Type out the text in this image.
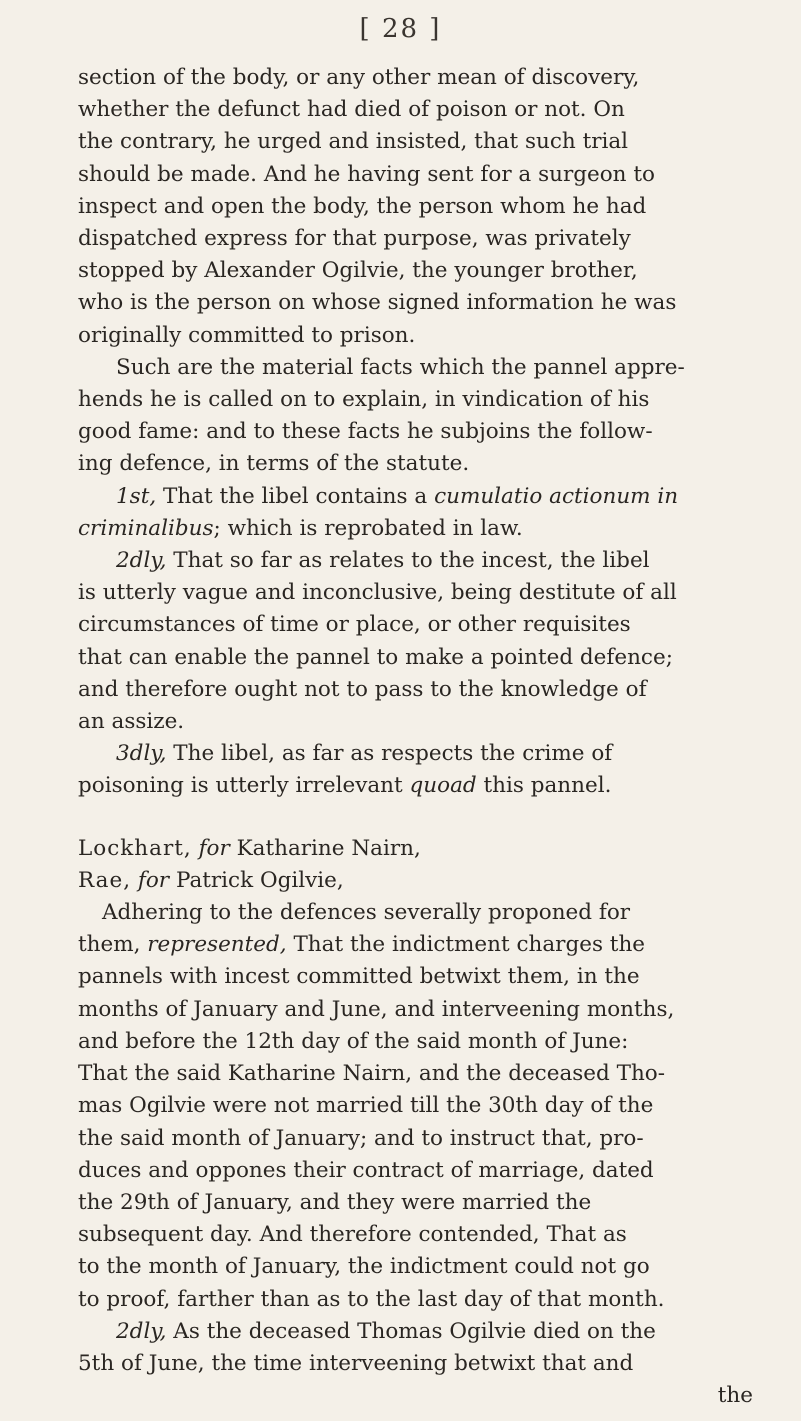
[ 28 ]
section of the body, or any other mean of discovery,
whether the defunct had died of poison or not. On
the contrary, he urged and insisted, that such trial
should be made. And he having sent for a surgeon to
inspect and open the body, the person whom he had
dispatched express for that purpose, was privately
stopped by Alexander Ogilvie, the younger brother,
who is the person on whose signed information he was
originally committed to prison.
Such are the material facts which the pannel appre-
hends he is called on to explain, in vindication of his
good fame: and to these facts he subjoins the follow-
ing defence, in terms of the statute.
1st, That the libel contains a cumulatio actionum in
criminalibus; which is reprobated in law.
2dly, That so far as relates to the incest, the libel
is utterly vague and inconclusive, being destitute of all
circumstances of time or place, or other requisites
that can enable the pannel to make a pointed defence;
and therefore ought not to pass to the knowledge of
an assize.
3dly, The libel, as far as respects the crime of
poisoning is utterly irrelevant quoad this pannel.
Lockhart, for Katharine Nairn,
Rae, for Patrick Ogilvie,
Adhering to the defences severally proponed for
them, represented, That the indictment charges the
pannels with incest committed betwixt them, in the
months of January and June, and interveening months,
and before the 12th day of the said month of June:
That the said Katharine Nairn, and the deceased Tho-
mas Ogilvie were not married till the 30th day of the
the said month of January; and to instruct that, pro-
duces and oppones their contract of marriage, dated
the 29th of January, and they were married the
subsequent day. And therefore contended, That as
to the month of January, the indictment could not go
to proof, farther than as to the last day of that month.
2dly, As the deceased Thomas Ogilvie died on the
5th of June, the time interveening betwixt that and
the
